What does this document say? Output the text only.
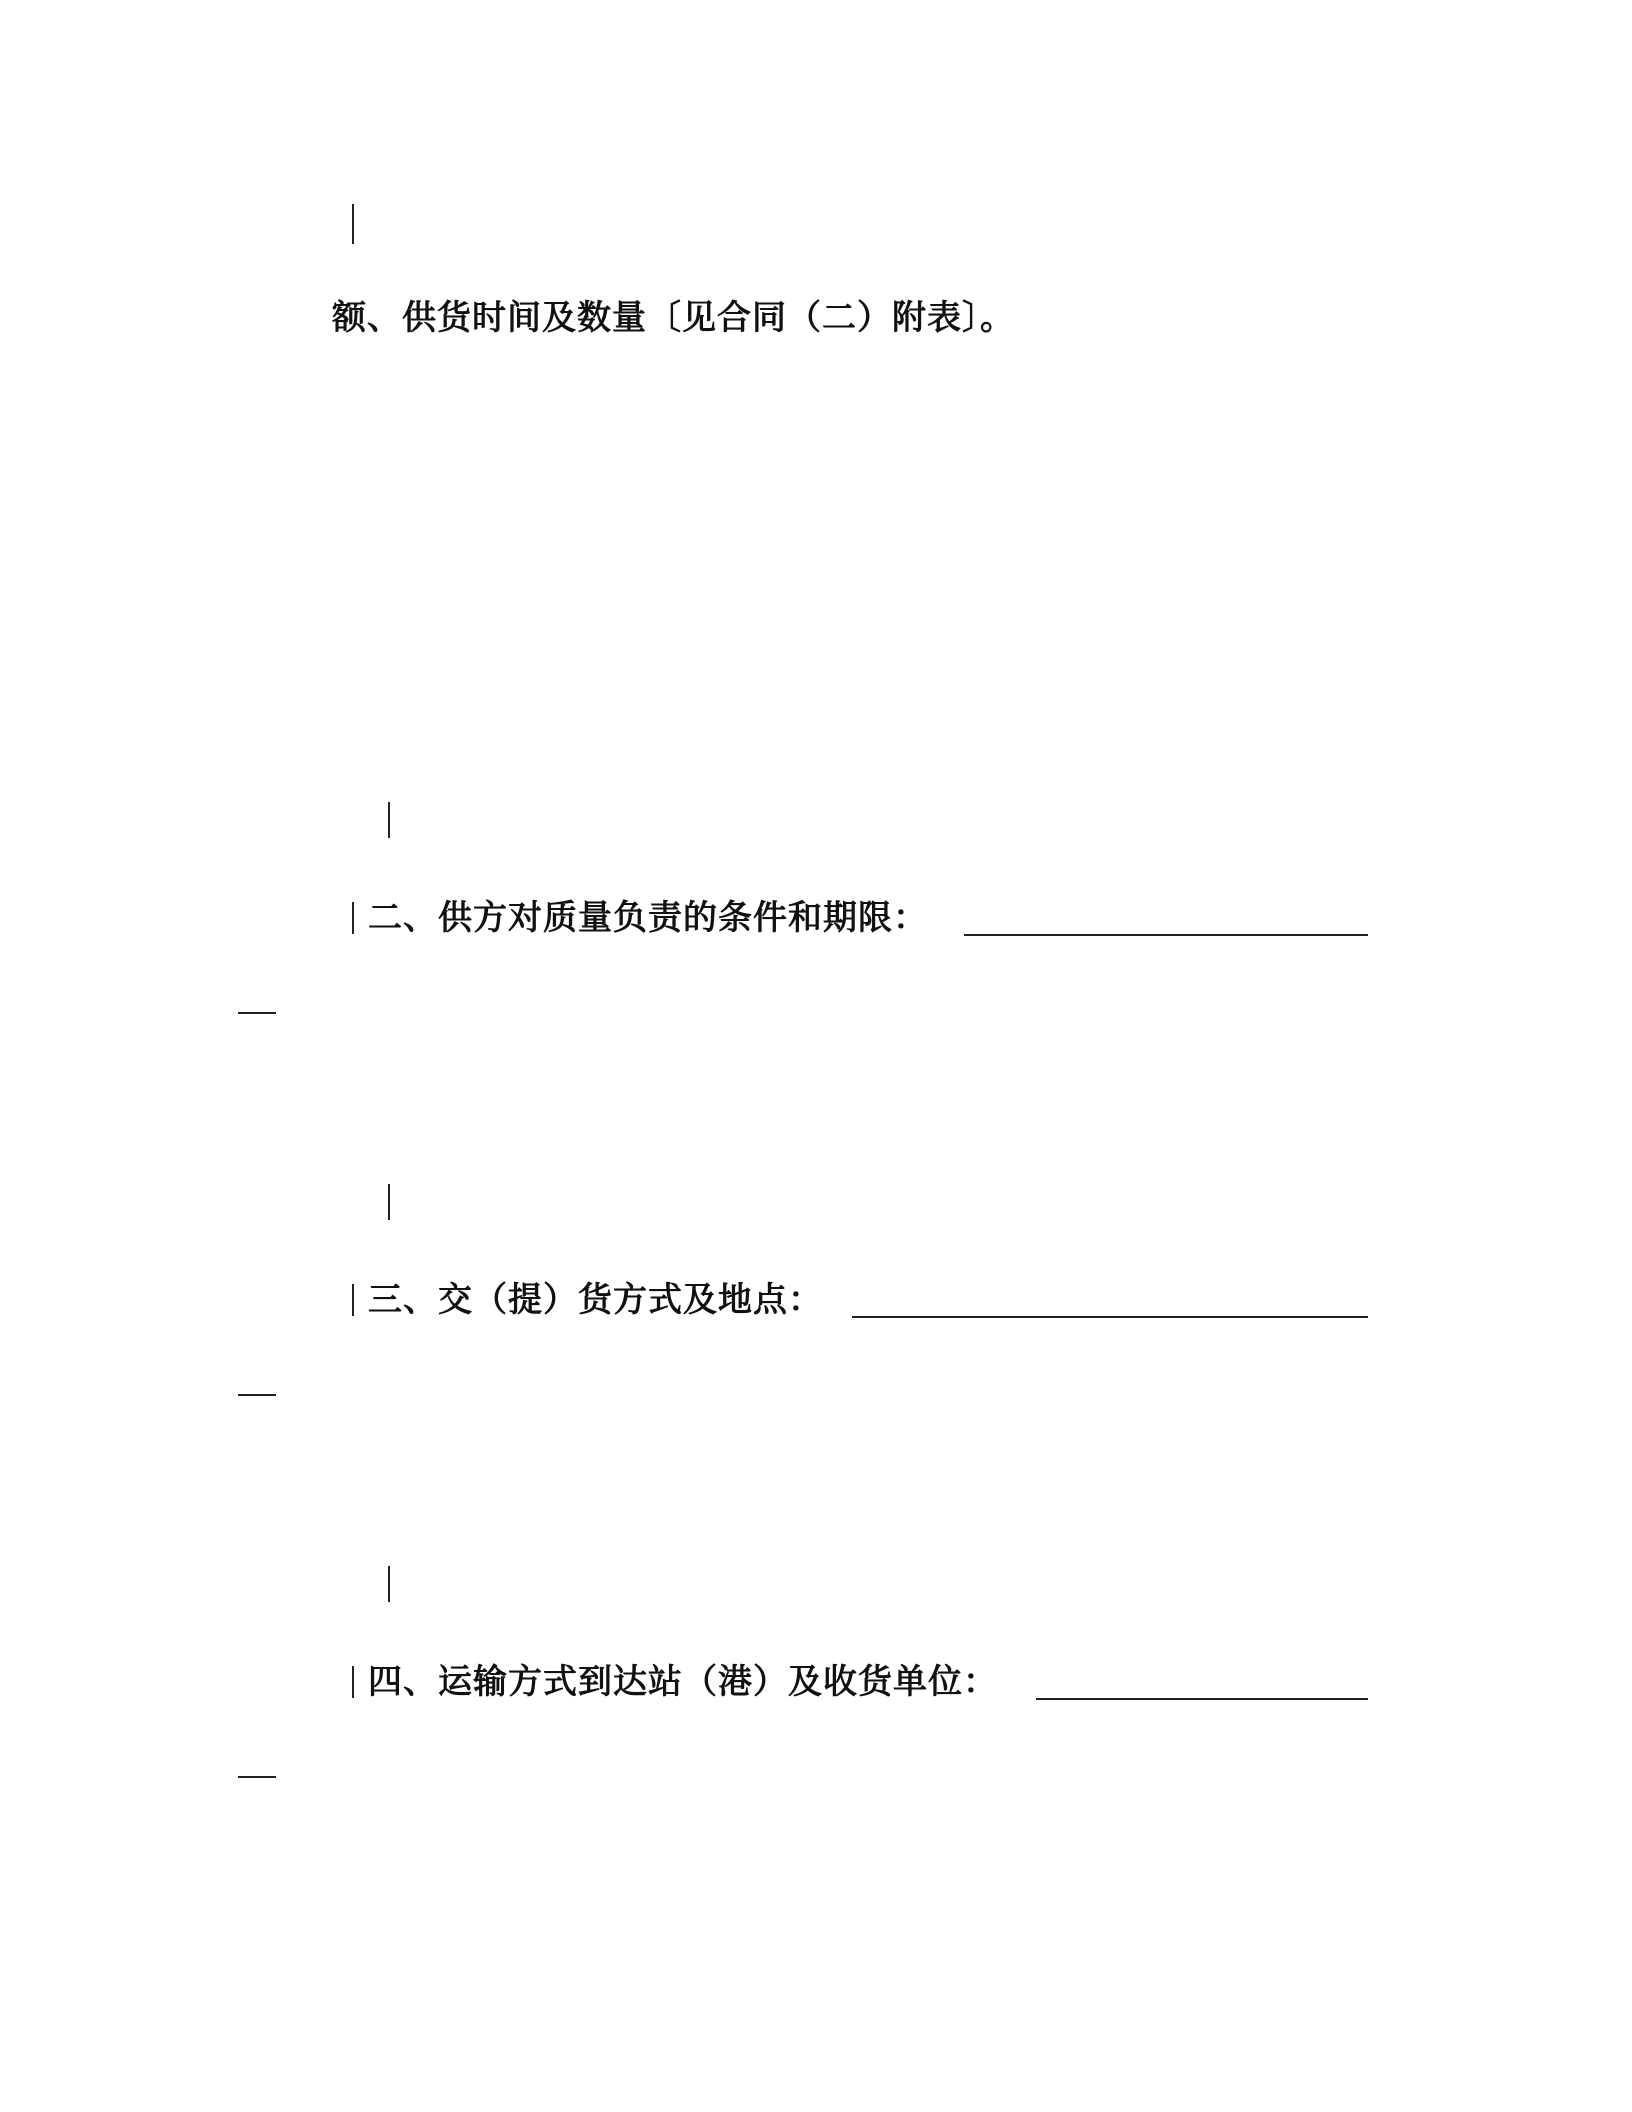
额、供货时间及数量〔见合同（二）附表〕。
二、供方对质量负责的条件和期限：
三、交（提）货方式及地点：
四、运输方式到达站（港）及收货单位：
